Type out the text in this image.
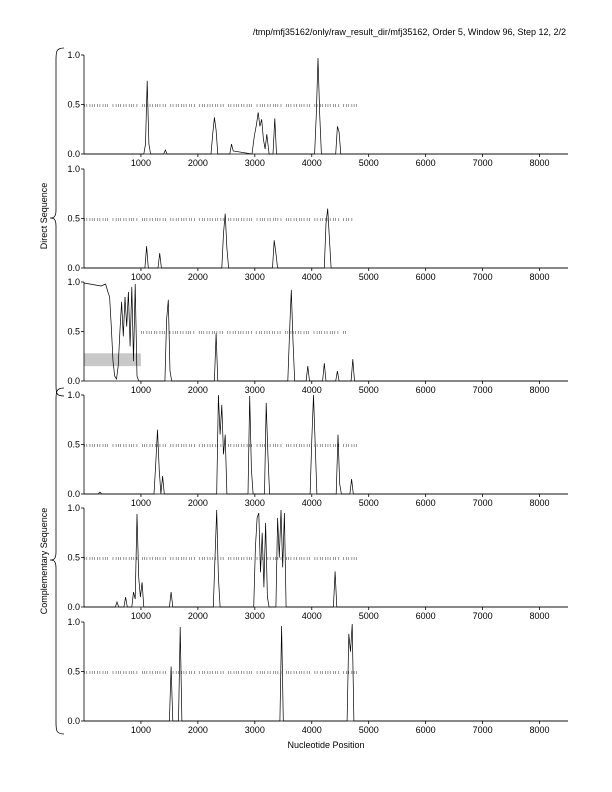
/tmp/mfj35162/only/raw_result_dir/mfj35162, Order 5, Window 96, Step 12, 2/2
0.0
0.5
1.0
1000	2000	3000	4000	5000	6000	7000	8000
0.0
0.5
1.0
1000	2000	3000	4000	5000	6000	7000	8000
0.0
0.5
1.0
1000	2000	3000	4000	5000	6000	7000	8000
0.0
0.5
1.0
1000	2000	3000	4000	5000	6000	7000	8000
0.0
0.5
1.0
1000	2000	3000	4000	5000	6000	7000	8000
0.0
0.5
1.0
1000	2000	3000	4000	5000	6000	7000	8000
Direct Sequence
Complementary Sequence
Nucleotide Position
